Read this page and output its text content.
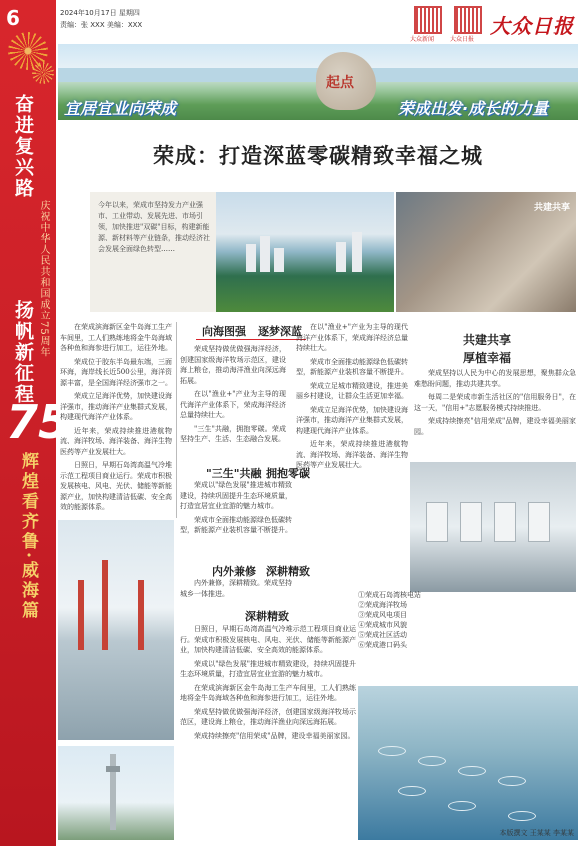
6
奋进复兴路
庆祝中华人民共和国成立75周年
扬帆新征程
75
辉煌看齐鲁·威海篇
2024年10月17日 星期四
责编：张 XXX 美编：XXX
大众新闻	大众日报
大众日报
起点
宜居宜业向荣成	荣成出发·成长的力量
荣成：打造深蓝零碳精致幸福之城
今年以来，荣成市坚持发力产业强市、工业带动、发展先进、市场引领，加快推进"双碳"目标，构建新能源、新材料等产业链条，推动经济社会发展全面绿色转型……
共建共享
向海图强 逐梦深蓝
"三生"共融 拥抱零碳
内外兼修 深耕精致
深耕精致
共建共享
厚植幸福

在荣成滨海新区金牛岛海工生产车间里，工人们熟练地将金牛岛海域各种鱼和海参进行加工，运往外地。

荣成位于胶东半岛最东端，三面环海，海岸线长近500公里，海洋资源丰富，是全国海洋经济强市之一。

荣成立足海洋优势，加快建设海洋强市，推动海洋产业集群式发展，构建现代海洋产业体系。

近年来，荣成持续推进港航物流、海洋牧场、海洋装备、海洋生物医药等产业发展壮大。

日照日，早期石岛湾高温气冷堆示范工程项目商业运行。荣成市积极发展核电、风电、光伏、储能等新能源产业，加快构建清洁低碳、安全高效的能源体系。

荣成坚持做优做强海洋经济，创建国家级海洋牧场示范区，建设海上粮仓，推动海洋渔业向深远海拓展。

在以"渔业+"产业为主导的现代海洋产业体系下，荣成海洋经济总量持续壮大。

"三生"共融，拥抱零碳。荣成坚持生产、生活、生态融合发展。

荣成以"绿色发展"推进城市精致建设，持续巩固提升生态环境质量，打造宜居宜业宜游的魅力城市。

荣成市全面推动能源绿色低碳转型，新能源产业装机容量不断提升。

内外兼修，深耕精致。荣成坚持城乡一体推进。

在以"渔业+"产业为主导的现代海洋产业体系下，荣成海洋经济总量持续壮大。

荣成市全面推动能源绿色低碳转型，新能源产业装机容量不断提升。

荣成立足城市精致建设，推进美丽乡村建设，让群众生活更加幸福。

荣成立足海洋优势，加快建设海洋强市，推动海洋产业集群式发展，构建现代海洋产业体系。

近年来，荣成持续推进港航物流、海洋牧场、海洋装备、海洋生物医药等产业发展壮大。

荣成坚持以人民为中心的发展思想，聚焦群众急难愁盼问题，推动共建共享。

每周二是荣成市新生活社区的"信用服务日"，在这一天，"信用+"志愿服务模式持续推进。

荣成持续擦亮"信用荣成"品牌，建设幸福美丽家园。

日照日，早期石岛湾高温气冷堆示范工程项目商业运行。荣成市积极发展核电、风电、光伏、储能等新能源产业，加快构建清洁低碳、安全高效的能源体系。

荣成以"绿色发展"推进城市精致建设，持续巩固提升生态环境质量，打造宜居宜业宜游的魅力城市。

在荣成滨海新区金牛岛海工生产车间里，工人们熟练地将金牛岛海域各种鱼和海参进行加工，运往外地。

荣成坚持做优做强海洋经济，创建国家级海洋牧场示范区，建设海上粮仓，推动海洋渔业向深远海拓展。

荣成持续擦亮"信用荣成"品牌，建设幸福美丽家园。

①荣成石岛湾核电站
②荣成海洋牧场
③荣成风电项目
④荣成城市风貌
⑤荣成社区活动
⑥荣成港口码头
本版撰文 王某某 李某某
